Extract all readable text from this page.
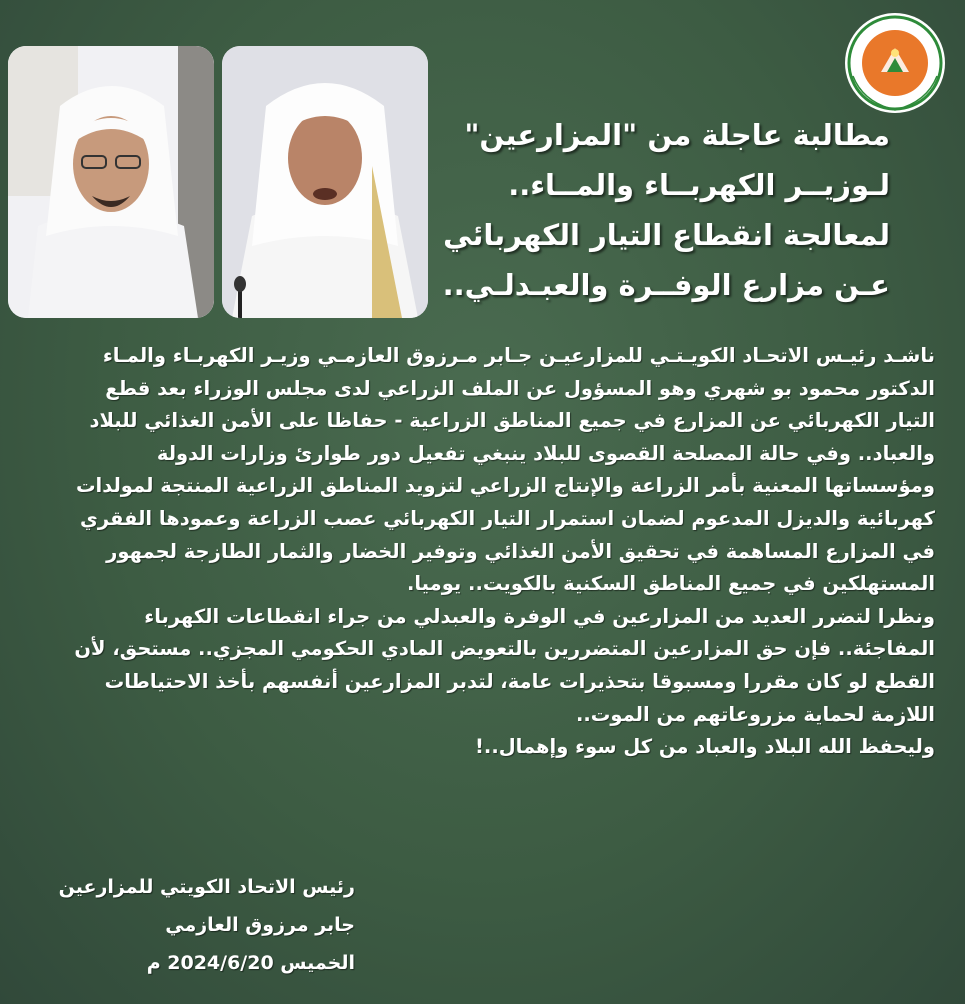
مطالبة عاجلة من "المزارعين"
لـوزيــر الكهربــاء والمــاء..
لمعالجة انقطاع التيار الكهربائي
عـن مزارع الوفــرة والعبـدلـي..
ناشـد رئيـس الاتحـاد الكويـتـي للمزارعيـن جـابر مـرزوق العازمـي وزيـر الكهربـاء والمـاء
الدكتور محمود بو شهري وهو المسؤول عن الملف الزراعي لدى مجلس الوزراء بعد قطع
التيار الكهربائي عن المزارع في جميع المناطق الزراعية - حفاظا على الأمن الغذائي للبلاد
والعباد.. وفي حالة المصلحة القصوى للبلاد ينبغي تفعيل دور طوارئ وزارات الدولة
ومؤسساتها المعنية بأمر الزراعة والإنتاج الزراعي لتزويد المناطق الزراعية المنتجة لمولدات
كهربائية والديزل المدعوم لضمان استمرار التيار الكهربائي عصب الزراعة وعمودها الفقري
في المزارع المساهمة في تحقيق الأمن الغذائي وتوفير الخضار والثمار الطازجة لجمهور
المستهلكين في جميع المناطق السكنية بالكويت.. يوميا.
ونظرا لتضرر العديد من المزارعين في الوفرة والعبدلي من جراء انقطاعات الكهرباء
المفاجئة.. فإن حق المزارعين المتضررين بالتعويض المادي الحكومي المجزي.. مستحق، لأن
القطع لو كان مقررا ومسبوقا بتحذيرات عامة، لتدبر المزارعين أنفسهم بأخذ الاحتياطات
اللازمة لحماية مزروعاتهم من الموت..
وليحفظ الله البلاد والعباد من كل سوء وإهمال..!
رئيس الاتحاد الكويتي للمزارعين
جابر مرزوق العازمي
الخميس 2024/6/20 م
